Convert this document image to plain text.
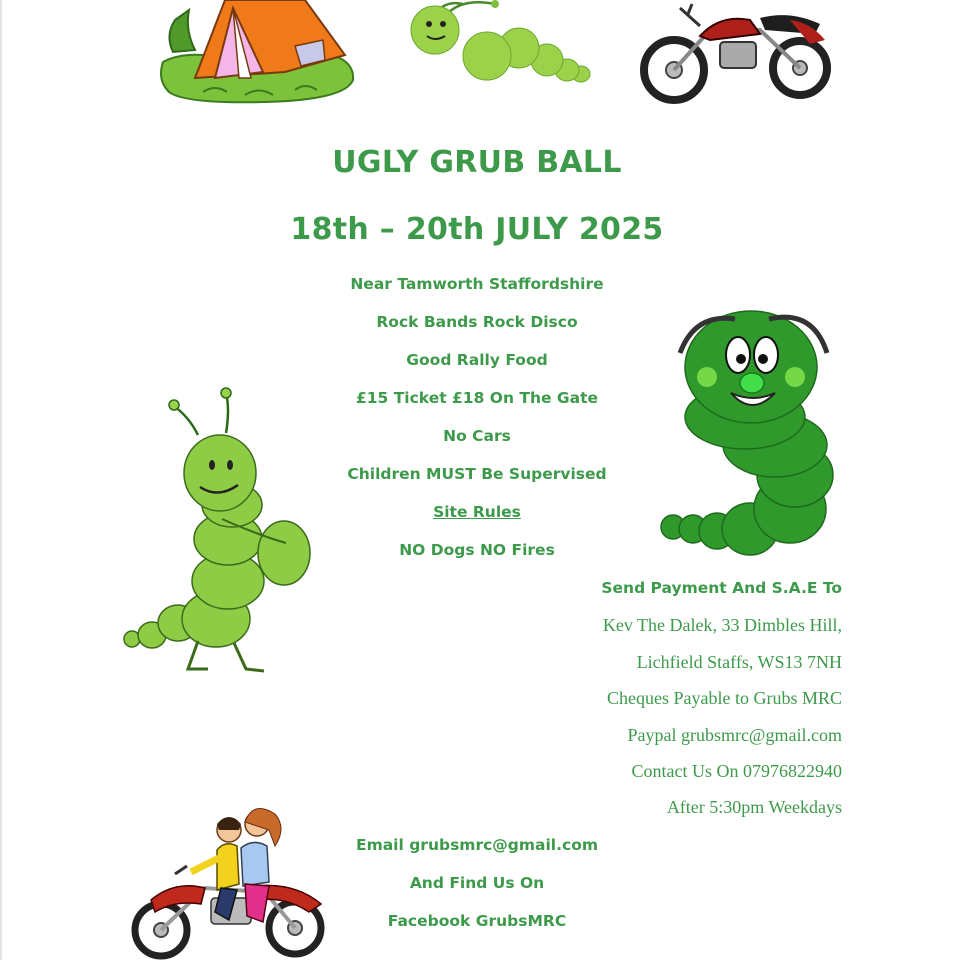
UGLY GRUB BALL
18th – 20th JULY 2025
Near Tamworth Staffordshire
Rock Bands Rock Disco
Good Rally Food
£15 Ticket £18 On The Gate
No Cars
Children MUST Be Supervised
Site Rules
NO Dogs NO Fires
Send Payment And S.A.E To
Kev The Dalek, 33 Dimbles Hill,
Lichfield Staffs, WS13 7NH
Cheques Payable to Grubs MRC
Paypal grubsmrc@gmail.com
Contact Us On 07976822940
After 5:30pm Weekdays
Email grubsmrc@gmail.com
And Find Us On
Facebook GrubsMRC
